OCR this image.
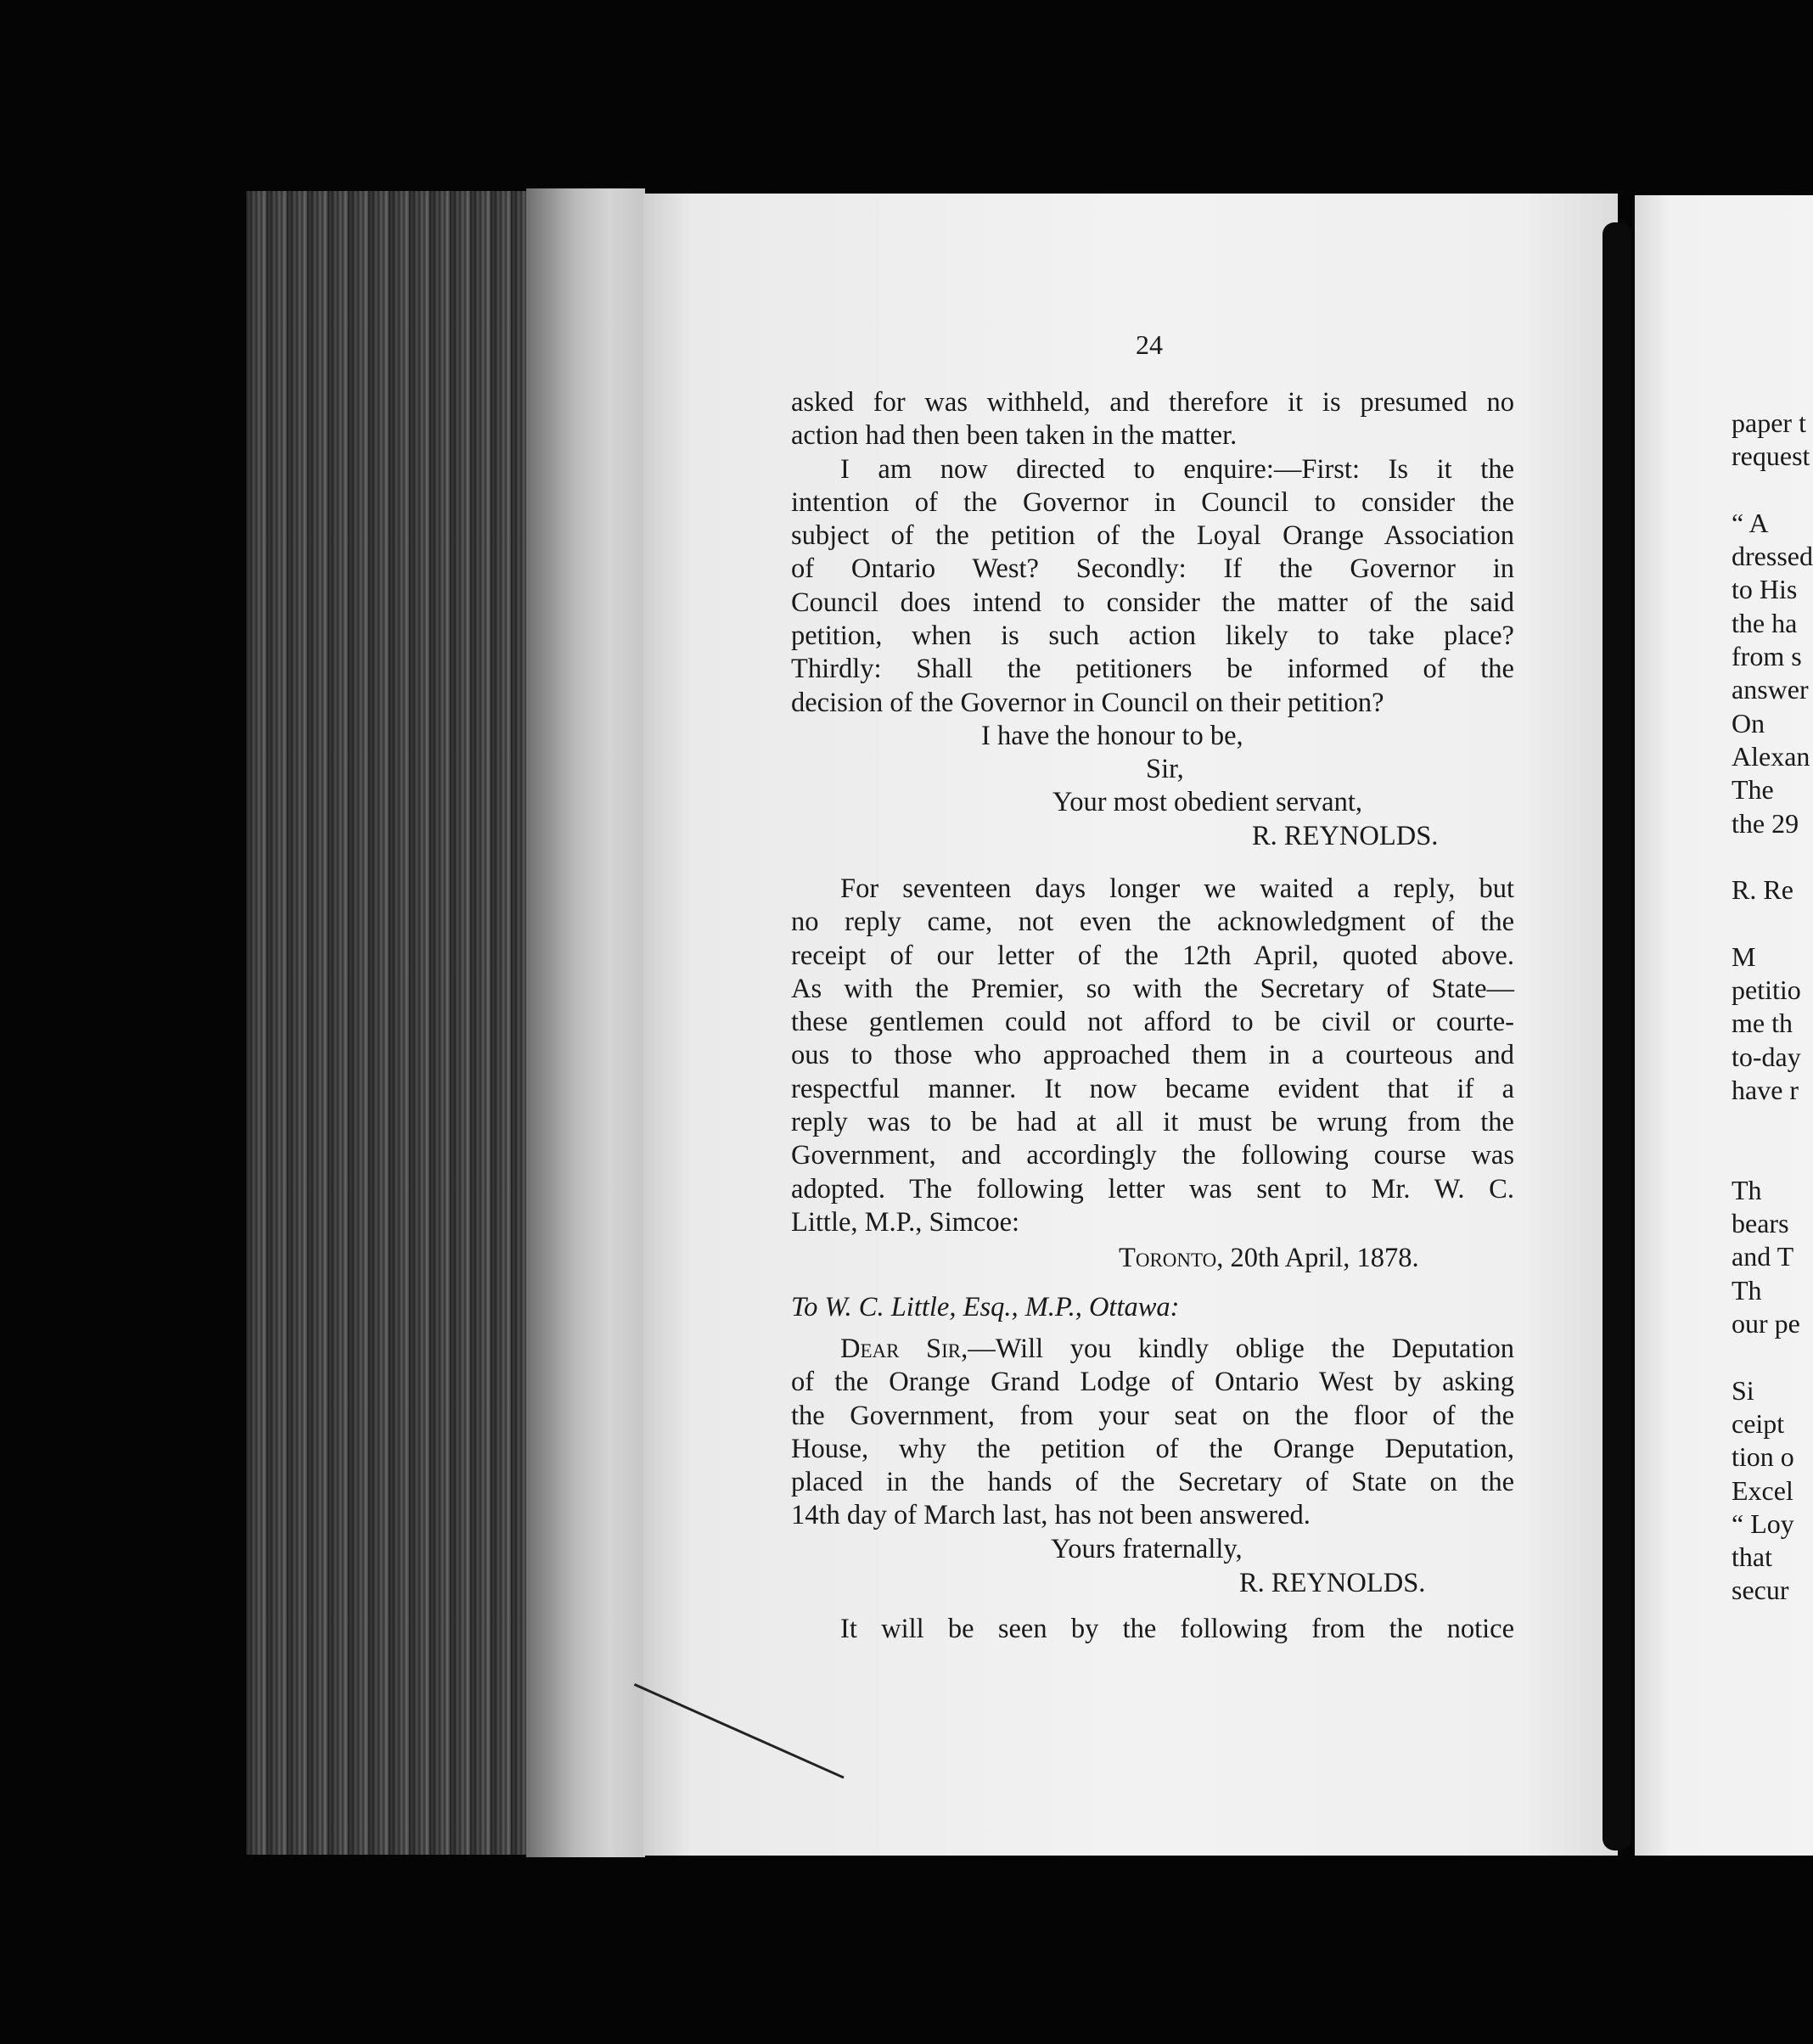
24
asked for was withheld, and therefore it is presumed no
action had then been taken in the matter.
I am now directed to enquire:—First: Is it the
intention of the Governor in Council to consider the
subject of the petition of the Loyal Orange Association
of Ontario West? Secondly: If the Governor in
Council does intend to consider the matter of the said
petition, when is such action likely to take place?
Thirdly: Shall the petitioners be informed of the
decision of the Governor in Council on their petition?
I have the honour to be,
Sir,
Your most obedient servant,
R. REYNOLDS.
For seventeen days longer we waited a reply, but
no reply came, not even the acknowledgment of the
receipt of our letter of the 12th April, quoted above.
As with the Premier, so with the Secretary of State—
these gentlemen could not afford to be civil or courte-
ous to those who approached them in a courteous and
respectful manner. It now became evident that if a
reply was to be had at all it must be wrung from the
Government, and accordingly the following course was
adopted. The following letter was sent to Mr. W. C.
Little, M.P., Simcoe:
Toronto, 20th April, 1878.
To W. C. Little, Esq., M.P., Ottawa:
Dear Sir,—Will you kindly oblige the Deputation
of the Orange Grand Lodge of Ontario West by asking
the Government, from your seat on the floor of the
House, why the petition of the Orange Deputation,
placed in the hands of the Secretary of State on the
14th day of March last, has not been answered.
Yours fraternally,
R. REYNOLDS.
It will be seen by the following from the notice
paper t
request
“ A
dressed
to His
the ha
from s
answer
On
Alexan
The
the 29
R. Re
M
petitio
me th
to-day
have r
Th
bears
and T
Th
our pe
Si
ceipt
tion o
Excel
“ Loy
that
secur
